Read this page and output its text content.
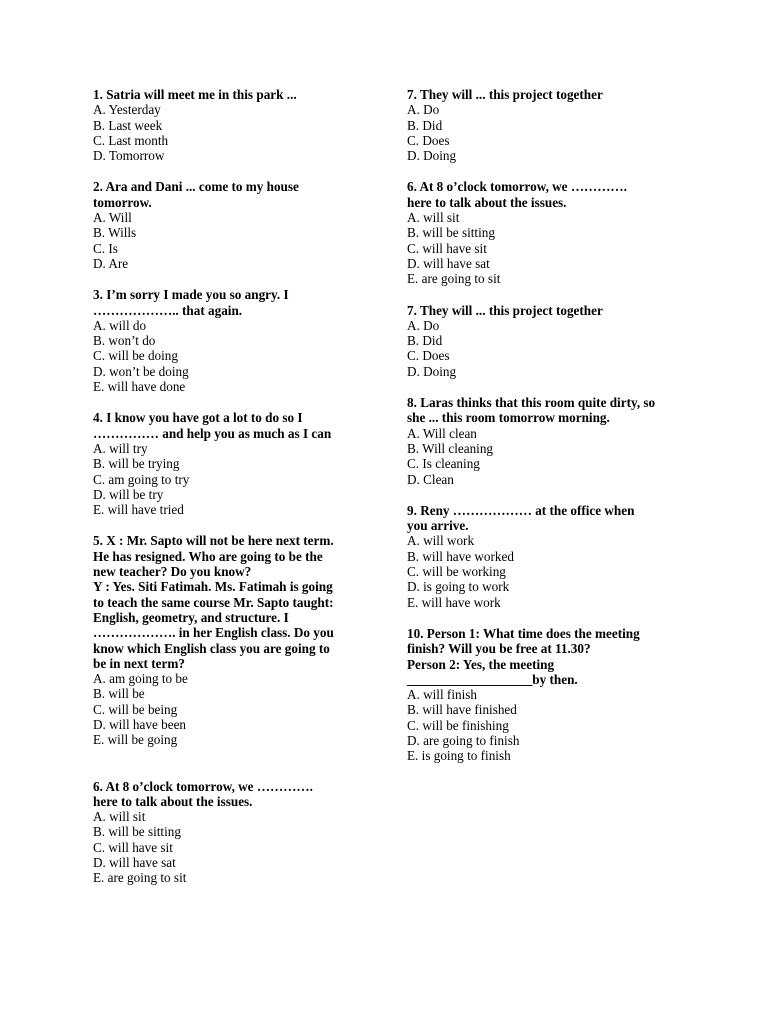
1. Satria will meet me in this park ...

A. Yesterday
B. Last week
C. Last month
D. Tomorrow

2. Ara and Dani ... come to my house
tomorrow.

A. Will
B. Wills
C. Is
D. Are

3. I’m sorry I made you so angry. I
……………….. that again.

A. will do
B. won’t do
C. will be doing
D. won’t be doing
E. will have done

4. I know you have got a lot to do so I
…………… and help you as much as I can

A. will try
B. will be trying
C. am going to try
D. will be try
E. will have tried

5. X : Mr. Sapto will not be here next term.
He has resigned. Who are going to be the
new teacher? Do you know?
Y : Yes. Siti Fatimah. Ms. Fatimah is going
to teach the same course Mr. Sapto taught:
English, geometry, and structure. I
………………. in her English class. Do you
know which English class you are going to
be in next term?

A. am going to be
B. will be
C. will be being
D. will have been
E. will be going

6. At 8 o’clock tomorrow, we ………….
here to talk about the issues.

A. will sit
B. will be sitting
C. will have sit
D. will have sat
E. are going to sit

7. They will ... this project together

A. Do
B. Did
C. Does
D. Doing

6. At 8 o’clock tomorrow, we ………….
here to talk about the issues.

A. will sit
B. will be sitting
C. will have sit
D. will have sat
E. are going to sit

7. They will ... this project together

A. Do
B. Did
C. Does
D. Doing

8. Laras thinks that this room quite dirty, so
she ... this room tomorrow morning.

A. Will clean
B. Will cleaning
C. Is cleaning
D. Clean

9. Reny ……………… at the office when
you arrive.

A. will work
B. will have worked
C. will be working
D. is going to work
E. will have work

10. Person 1: What time does the meeting
finish? Will you be free at 11.30?
Person 2: Yes, the meeting
___________________by then.

A. will finish
B. will have finished
C. will be finishing
D. are going to finish
E. is going to finish
